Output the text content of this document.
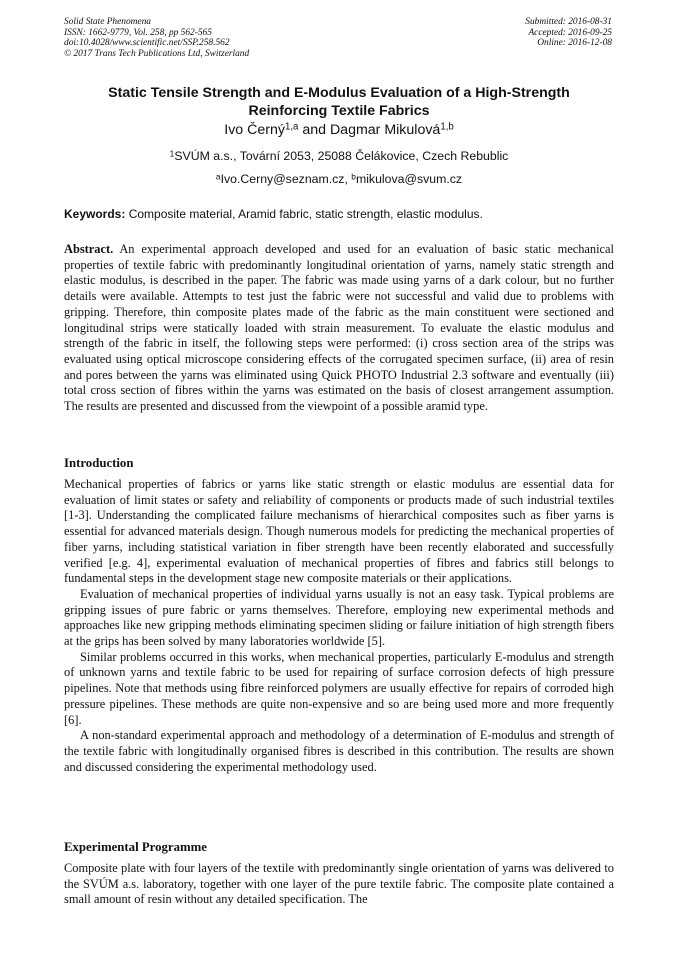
Solid State Phenomena
ISSN: 1662-9779, Vol. 258, pp 562-565
doi:10.4028/www.scientific.net/SSP.258.562
© 2017 Trans Tech Publications Ltd, Switzerland
Submitted: 2016-08-31
Accepted: 2016-09-25
Online: 2016-12-08
Static Tensile Strength and E-Modulus Evaluation of a High-Strength
Reinforcing Textile Fabrics
Ivo Černý$^{1,a}$ and Dagmar Mikulová$^{1,b}$
$^1$SVÚM a.s., Tovární 2053, 25088 Čelákovice, Czech Rebublic
$^a$Ivo.Cerny@seznam.cz, $^b$mikulova@svum.cz
Keywords: Composite material, Aramid fabric, static strength, elastic modulus.

Abstract. An experimental approach developed and used for an evaluation of basic static mechanical properties of textile fabric with predominantly longitudinal orientation of yarns, namely static strength and elastic modulus, is described in the paper. The fabric was made using yarns of a dark colour, but no further details were available. Attempts to test just the fabric were not successful and valid due to problems with gripping. Therefore, thin composite plates made of the fabric as the main constituent were sectioned and longitudinal strips were statically loaded with strain measurement. To evaluate the elastic modulus and strength of the fabric in itself, the following steps were performed: (i) cross section area of the strips was evaluated using optical microscope considering effects of the corrugated specimen surface, (ii) area of resin and pores between the yarns was eliminated using Quick PHOTO Industrial 2.3 software and eventually (iii) total cross section of fibres within the yarns was estimated on the basis of closest arrangement assumption. The results are presented and discussed from the viewpoint of a possible aramid type.

Introduction

Mechanical properties of fabrics or yarns like static strength or elastic modulus are essential data for evaluation of limit states or safety and reliability of components or products made of such industrial textiles [1-3]. Understanding the complicated failure mechanisms of hierarchical composites such as fiber yarns is essential for advanced materials design. Though numerous models for predicting the mechanical properties of fiber yarns, including statistical variation in fiber strength have been recently elaborated and successfully verified [e.g. 4], experimental evaluation of mechanical properties of fibres and fabrics still belongs to fundamental steps in the development stage new composite materials or their applications.

Evaluation of mechanical properties of individual yarns usually is not an easy task. Typical problems are gripping issues of pure fabric or yarns themselves. Therefore, employing new experimental methods and approaches like new gripping methods eliminating specimen sliding or failure initiation of high strength fibers at the grips has been solved by many laboratories worldwide [5].

Similar problems occurred in this works, when mechanical properties, particularly E-modulus and strength of unknown yarns and textile fabric to be used for repairing of surface corrosion defects of high pressure pipelines. Note that methods using fibre reinforced polymers are usually effective for repairs of corroded high pressure pipelines. These methods are quite non-expensive and so are being used more and more frequently [6].

A non-standard experimental approach and methodology of a determination of E-modulus and strength of the textile fabric with longitudinally organised fibres is described in this contribution. The results are shown and discussed considering the experimental methodology used.

Experimental Programme

Composite plate with four layers of the textile with predominantly single orientation of yarns was delivered to the SVÚM a.s. laboratory, together with one layer of the pure textile fabric. The composite plate contained a small amount of resin without any detailed specification. The
